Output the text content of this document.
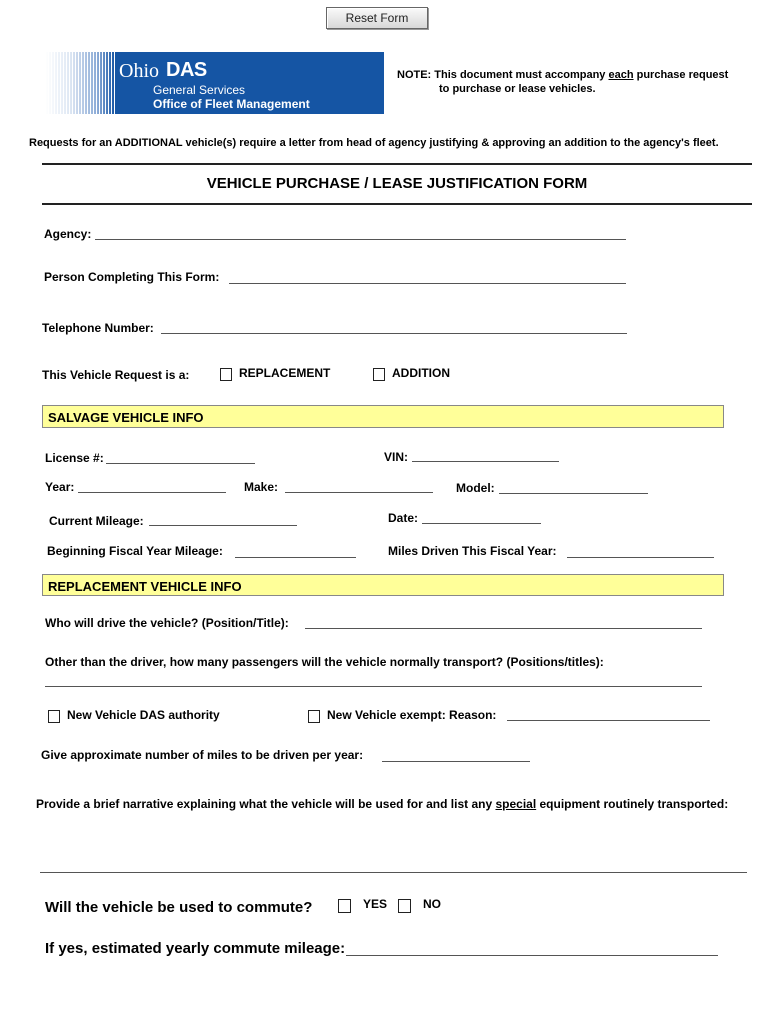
Reset Form
Ohio DAS
General Services
Office of Fleet Management
NOTE: This document must accompany each purchase request
to purchase or lease vehicles.
Requests for an ADDITIONAL vehicle(s) require a letter from head of agency justifying & approving an addition to the agency's fleet.
VEHICLE PURCHASE / LEASE JUSTIFICATION FORM
Agency:
Person Completing This Form:
Telephone Number:
This Vehicle Request is a:	REPLACEMENT	ADDITION
SALVAGE VEHICLE INFO
License #:	VIN:
Year:	Make:	Model:
Current Mileage:	Date:
Beginning Fiscal Year Mileage:	Miles Driven This Fiscal Year:
REPLACEMENT VEHICLE INFO
Who will drive the vehicle? (Position/Title):
Other than the driver, how many passengers will the vehicle normally transport? (Positions/titles):
New Vehicle DAS authority	New Vehicle exempt: Reason:
Give approximate number of miles to be driven per year:
Provide a brief narrative explaining what the vehicle will be used for and list any special equipment routinely transported:
Will the vehicle be used to commute?	YES	NO
If yes, estimated yearly commute mileage:
